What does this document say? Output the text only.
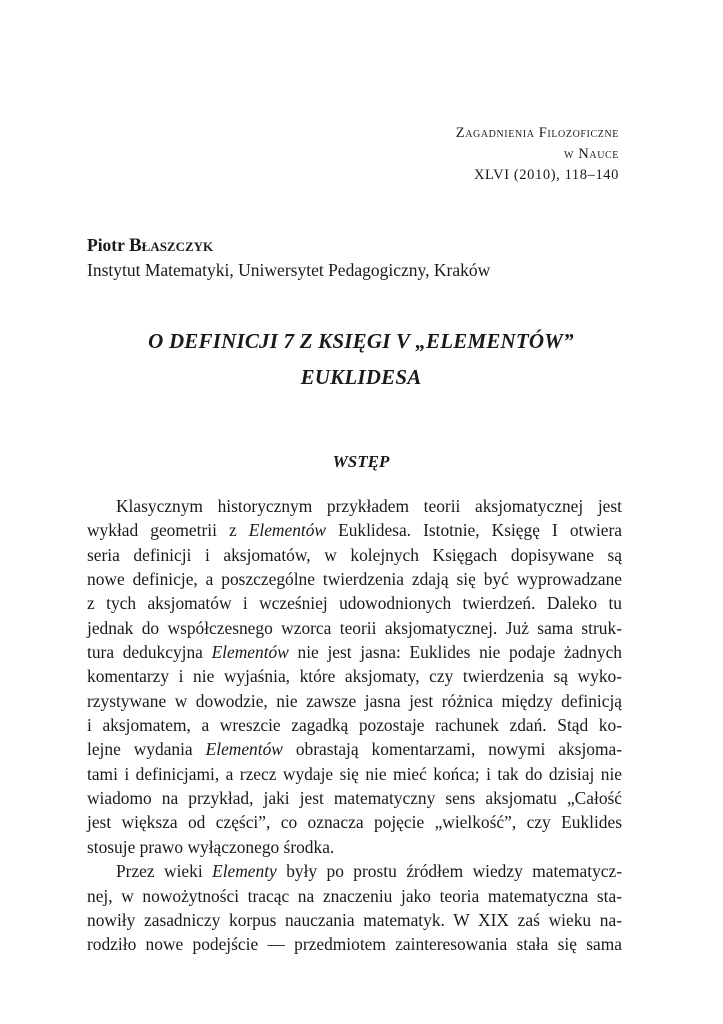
Zagadnienia Filozoficzne
w Nauce
XLVI (2010), 118–140
Piotr Błaszczyk
Instytut Matematyki, Uniwersytet Pedagogiczny, Kraków
O DEFINICJI 7 Z KSIĘGI V „ELEMENTÓW”
EUKLIDESA
WSTĘP
Klasycznym historycznym przykładem teorii aksjomatycznej jest
wykład geometrii z Elementów Euklidesa. Istotnie, Księgę I otwiera
seria definicji i aksjomatów, w kolejnych Księgach dopisywane są
nowe definicje, a poszczególne twierdzenia zdają się być wyprowadzane
z tych aksjomatów i wcześniej udowodnionych twierdzeń. Daleko tu
jednak do współczesnego wzorca teorii aksjomatycznej. Już sama struk-
tura dedukcyjna Elementów nie jest jasna: Euklides nie podaje żadnych
komentarzy i nie wyjaśnia, które aksjomaty, czy twierdzenia są wyko-
rzystywane w dowodzie, nie zawsze jasna jest różnica między definicją
i aksjomatem, a wreszcie zagadką pozostaje rachunek zdań. Stąd ko-
lejne wydania Elementów obrastają komentarzami, nowymi aksjoma-
tami i definicjami, a rzecz wydaje się nie mieć końca; i tak do dzisiaj nie
wiadomo na przykład, jaki jest matematyczny sens aksjomatu „Całość
jest większa od części”, co oznacza pojęcie „wielkość”, czy Euklides
stosuje prawo wyłączonego środka.
Przez wieki Elementy były po prostu źródłem wiedzy matematycz-
nej, w nowożytności tracąc na znaczeniu jako teoria matematyczna sta-
nowiły zasadniczy korpus nauczania matematyk. W XIX zaś wieku na-
rodziło nowe podejście — przedmiotem zainteresowania stała się sama
